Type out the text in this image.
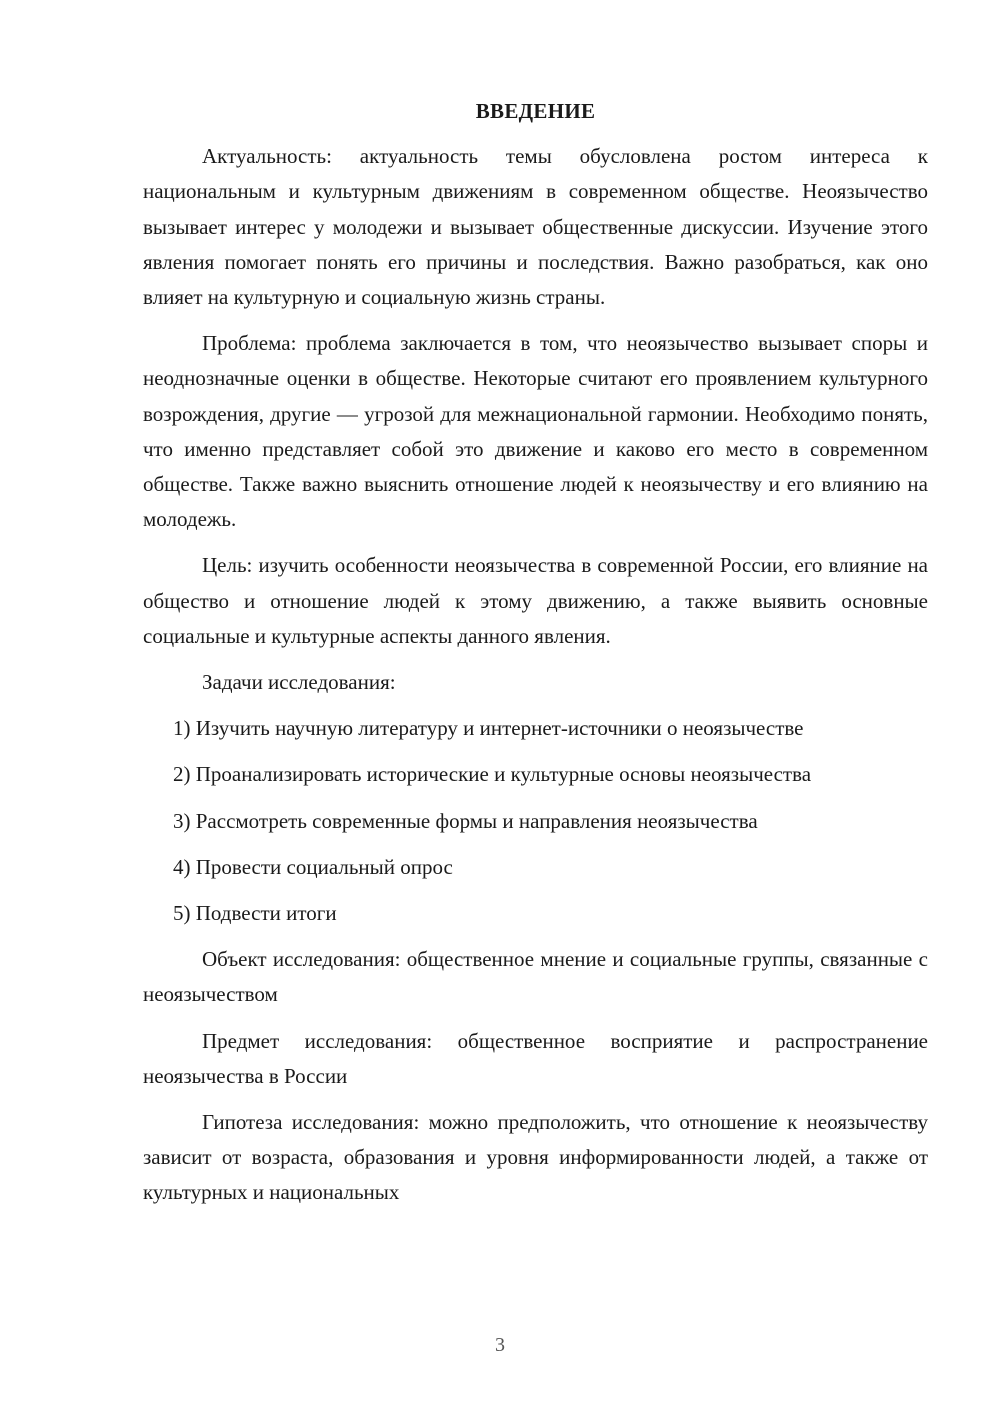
ВВЕДЕНИЕ

Актуальность: актуальность темы обусловлена ростом интереса к национальным и культурным движениям в современном обществе. Неоязычество вызывает интерес у молодежи и вызывает общественные дискуссии. Изучение этого явления помогает понять его причины и последствия. Важно разобраться, как оно влияет на культурную и социальную жизнь страны.

Проблема: проблема заключается в том, что неоязычество вызывает споры и неоднозначные оценки в обществе. Некоторые считают его проявлением культурного возрождения, другие — угрозой для межнациональной гармонии. Необходимо понять, что именно представляет собой это движение и каково его место в современном обществе. Также важно выяснить отношение людей к неоязычеству и его влиянию на молодежь.

Цель: изучить особенности неоязычества в современной России, его влияние на общество и отношение людей к этому движению, а также выявить основные социальные и культурные аспекты данного явления.

Задачи исследования:

1) Изучить научную литературу и интернет-источники о неоязычестве

2) Проанализировать исторические и культурные основы неоязычества

3) Рассмотреть современные формы и направления неоязычества

4) Провести социальный опрос

5) Подвести итоги

Объект исследования: общественное мнение и социальные группы, связанные с неоязычеством

Предмет исследования: общественное восприятие и распространение неоязычества в России

Гипотеза исследования: можно предположить, что отношение к неоязычеству зависит от возраста, образования и уровня информированности людей, а также от культурных и национальных

3
